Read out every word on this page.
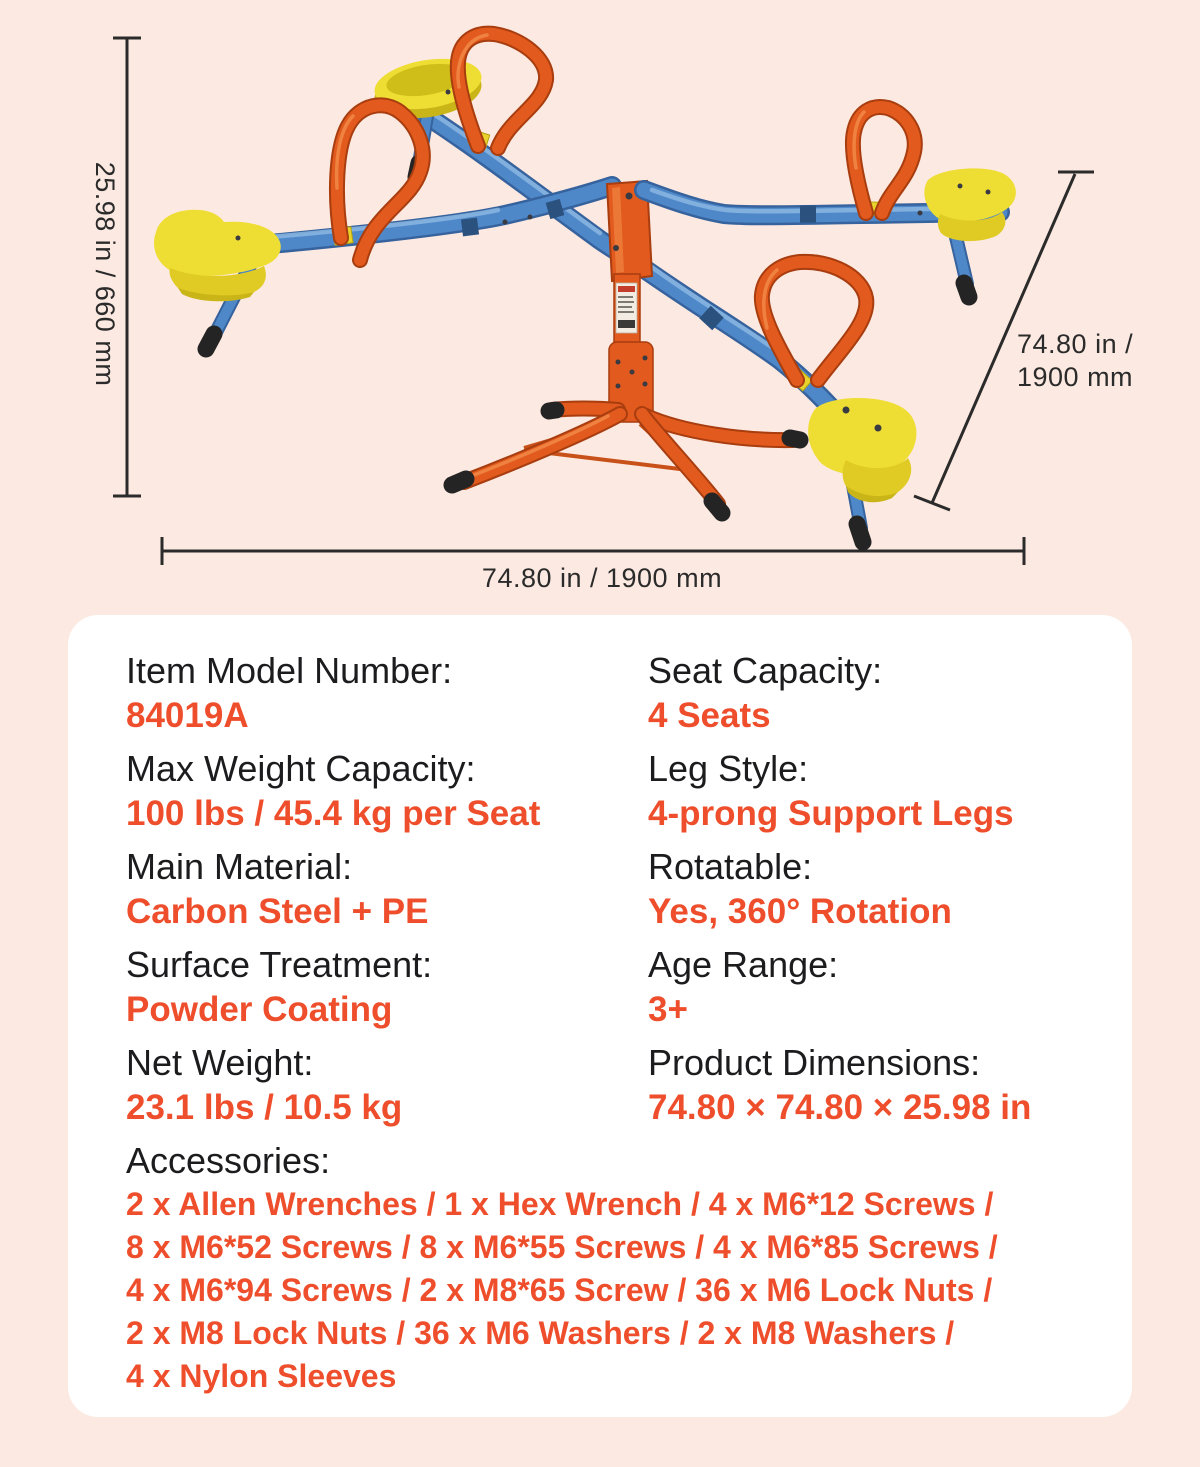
25.98 in / 660 mm	74.80 in /
1900 mm
74.80 in / 1900 mm
Item Model Number:
84019A
Seat Capacity:
4 Seats
Max Weight Capacity:
100 lbs / 45.4 kg per Seat
Leg Style:
4-prong Support Legs
Main Material:
Carbon Steel + PE
Rotatable:
Yes, 360° Rotation
Surface Treatment:
Powder Coating
Age Range:
3+
Net Weight:
23.1 lbs / 10.5 kg
Product Dimensions:
74.80 × 74.80 × 25.98 in
Accessories:
2 x Allen Wrenches / 1 x Hex Wrench / 4 x M6*12 Screws /
8 x M6*52 Screws / 8 x M6*55 Screws / 4 x M6*85 Screws /
4 x M6*94 Screws / 2 x M8*65 Screw / 36 x M6 Lock Nuts /
2 x M8 Lock Nuts / 36 x M6 Washers / 2 x M8 Washers /
4 x Nylon Sleeves
